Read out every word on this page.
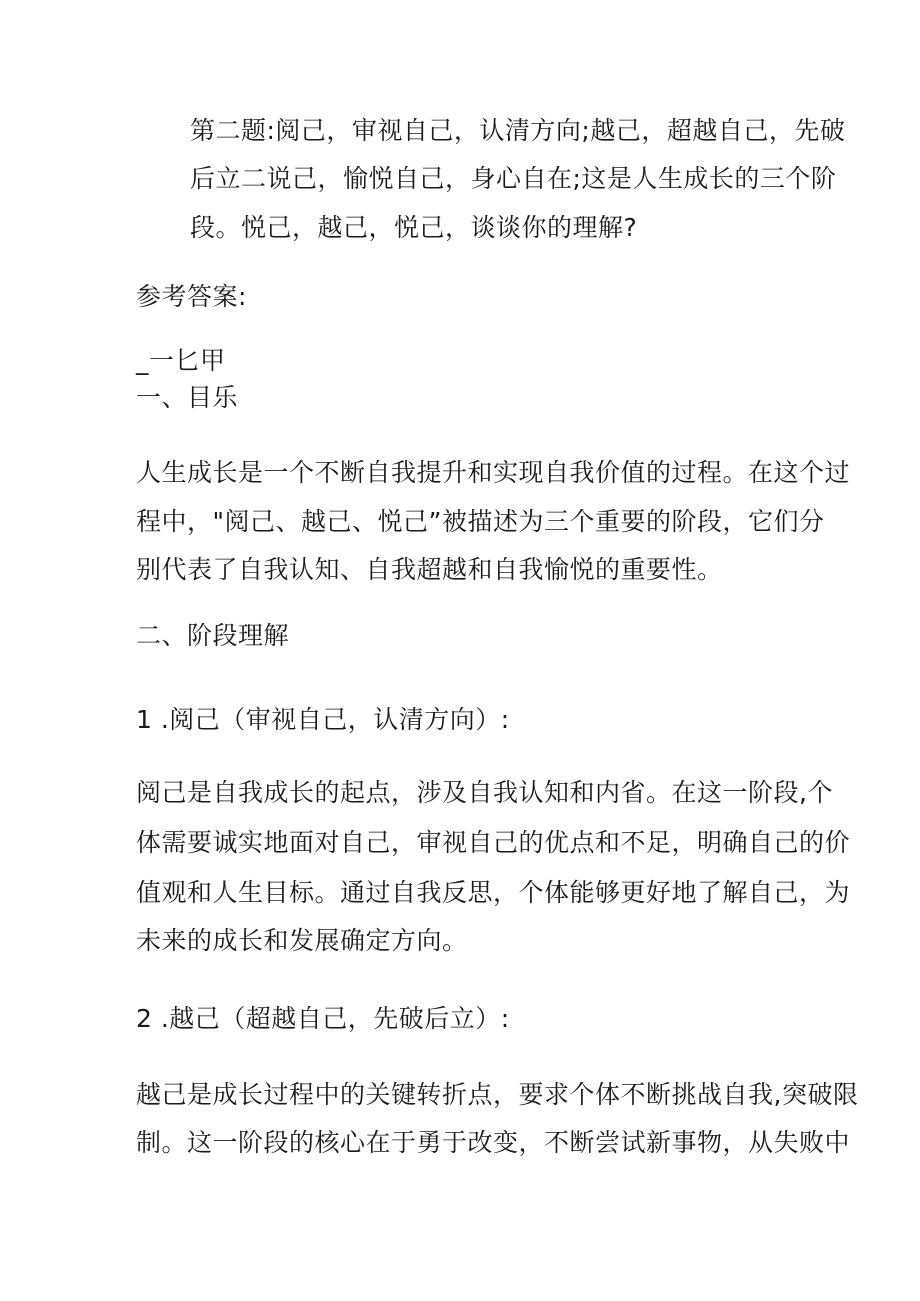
第二题:阅己，审视自己，认清方向;越己，超越自己，先破
后立二说己，愉悦自己，身心自在;这是人生成长的三个阶
段。悦己，越己，悦己，谈谈你的理解?
参考答案:
_一匕甲
一、目乐
人生成长是一个不断自我提升和实现自我价值的过程。在这个过
程中，"阅己、越己、悦己”被描述为三个重要的阶段，它们分
别代表了自我认知、自我超越和自我愉悦的重要性。
二、阶段理解
1 .阅己（审视自己，认清方向）:
阅己是自我成长的起点，涉及自我认知和内省。在这一阶段,个
体需要诚实地面对自己，审视自己的优点和不足，明确自己的价
值观和人生目标。通过自我反思，个体能够更好地了解自己，为
未来的成长和发展确定方向。
2 .越己（超越自己，先破后立）:
越己是成长过程中的关键转折点，要求个体不断挑战自我,突破限
制。这一阶段的核心在于勇于改变，不断尝试新事物，从失败中
